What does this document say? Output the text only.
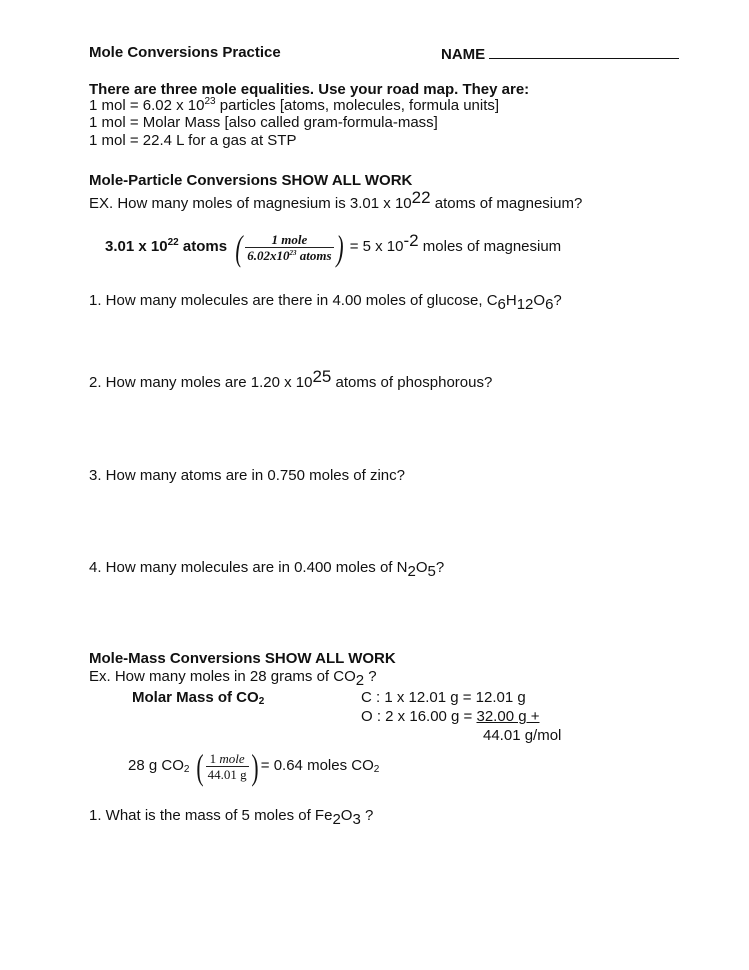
Mole Conversions Practice	NAME
There are three mole equalities. Use your road map. They are:
1 mol = 6.02 x $10^{23}$ particles [atoms, molecules, formula units]
1 mol = Molar Mass [also called gram-formula-mass]
1 mol = 22.4 L for a gas at STP
Mole-Particle Conversions SHOW ALL WORK
EX. How many moles of magnesium is 3.01 x 1022 atoms of magnesium?
3.01 x $10^{22}$ atoms (	1 mole
$6.02x10^{23}$ atoms ) = 5 x 10-2 moles of magnesium
1. How many molecules are there in 4.00 moles of glucose, C6H12O6?
2. How many moles are 1.20 x 1025 atoms of phosphorous?
3. How many atoms are in 0.750 moles of zinc?
4. How many molecules are in 0.400 moles of N2O5?
Mole-Mass Conversions SHOW ALL WORK
Ex. How many moles in 28 grams of CO2 ?
Molar Mass of CO2	C : 1 x 12.01 g = 12.01 g
O : 2 x 16.00 g = 32.00 g +
44.01 g/mol
28 g CO2 ( 1 mole
44.01 g ) = 0.64 moles CO2
1. What is the mass of 5 moles of Fe2O3 ?
